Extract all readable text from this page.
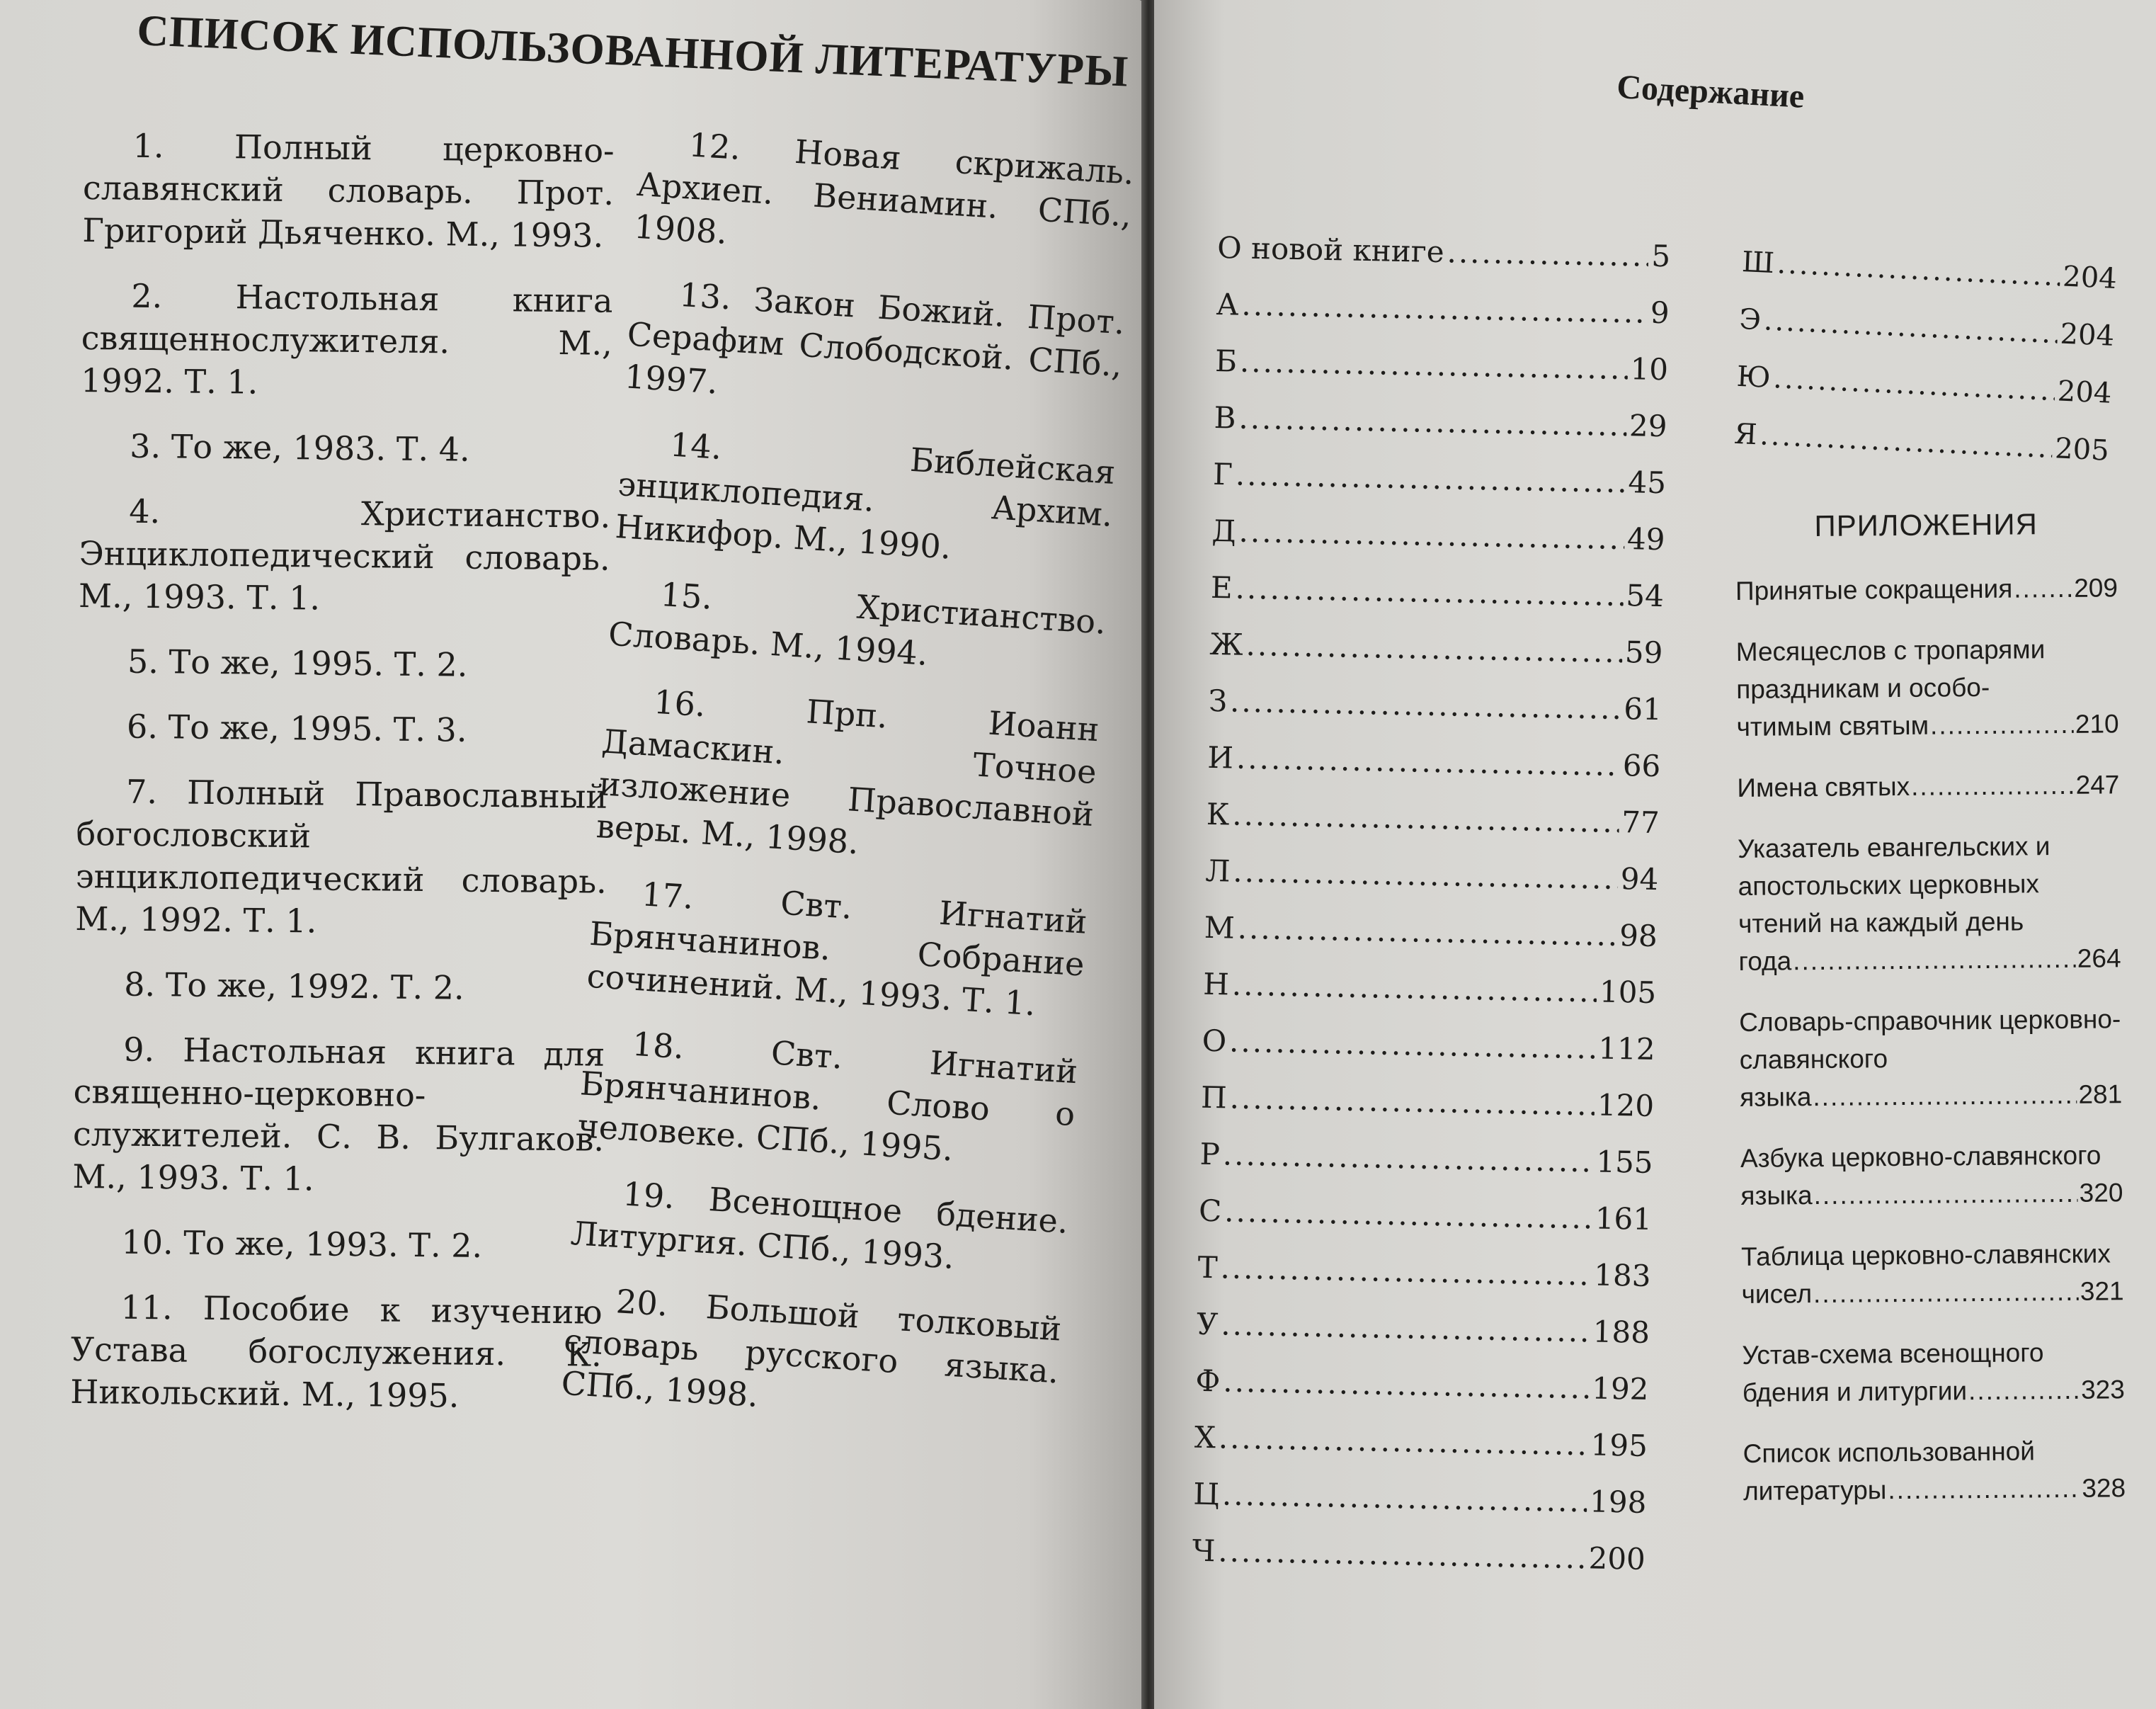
СПИСОК ИСПОЛЬЗОВАННОЙ ЛИТЕРАТУРЫ

1. Полный церковно-славянский словарь. Прот. Григорий Дьяченко. М., 1993.

2. Настольная книга священнослужителя. М., 1992. Т. 1.

3. То же, 1983. Т. 4.

4. Христианство. Энциклопедический словарь. М., 1993. Т. 1.

5. То же, 1995. Т. 2.

6. То же, 1995. Т. 3.

7. Полный Православный богословский энциклопедический словарь. М., 1992. Т. 1.

8. То же, 1992. Т. 2.

9. Настольная книга для священно-церковно-служителей. С. В. Булгаков. М., 1993. Т. 1.

10. То же, 1993. Т. 2.

11. Пособие к изучению Устава богослужения. К. Никольский. М., 1995.

12. Новая скрижаль. Архиеп. Вениамин. СПб., 1908.

13. Закон Божий. Прот. Серафим Слободской. СПб., 1997.

14. Библейская энциклопедия. Архим. Никифор. М., 1990.

15. Христианство. Словарь. М., 1994.

16. Прп. Иоанн Дамаскин. Точное изложение Православной веры. М., 1998.

17. Свт. Игнатий Брянчанинов. Собрание сочинений. М., 1993. Т. 1.

18. Свт. Игнатий Брянчанинов. Слово о человеке. СПб., 1995.

19. Всенощное бдение. Литургия. СПб., 1993.

20. Большой толковый словарь русского языка. СПб., 1998.

Содержание
О новой книге .....	5
А .....	9
Б .....	10
В .....	29
Г .....	45
Д .....	49
Е .....	54
Ж .....	59
З .....	61
И .....	66
К .....	77
Л .....	94
М .....	98
Н .....	105
О .....	112
П .....	120
Р .....	155
С .....	161
Т .....	183
У .....	188
Ф .....	192
Х .....	195
Ц .....	198
Ч .....	200
Ш .....	204
Э .....	204
Ю .....	204
Я .....	205
ПРИЛОЖЕНИЯ
Принятые сокращения ..... 209
Месяцеслов с тропарями праздникам и особо-
чтимым святым .....	210
Имена святых .....	247
Указатель евангельских и апостольских церковных чтений на каждый день
года .....	264
Словарь-справочник церковно-славянского
языка .....	281
Азбука церковно-славянского
языка .....	320
Таблица церковно-славянских
чисел .....	321
Устав-схема всенощного
бдения и литургии .....	323
Список использованной
литературы .....	328
